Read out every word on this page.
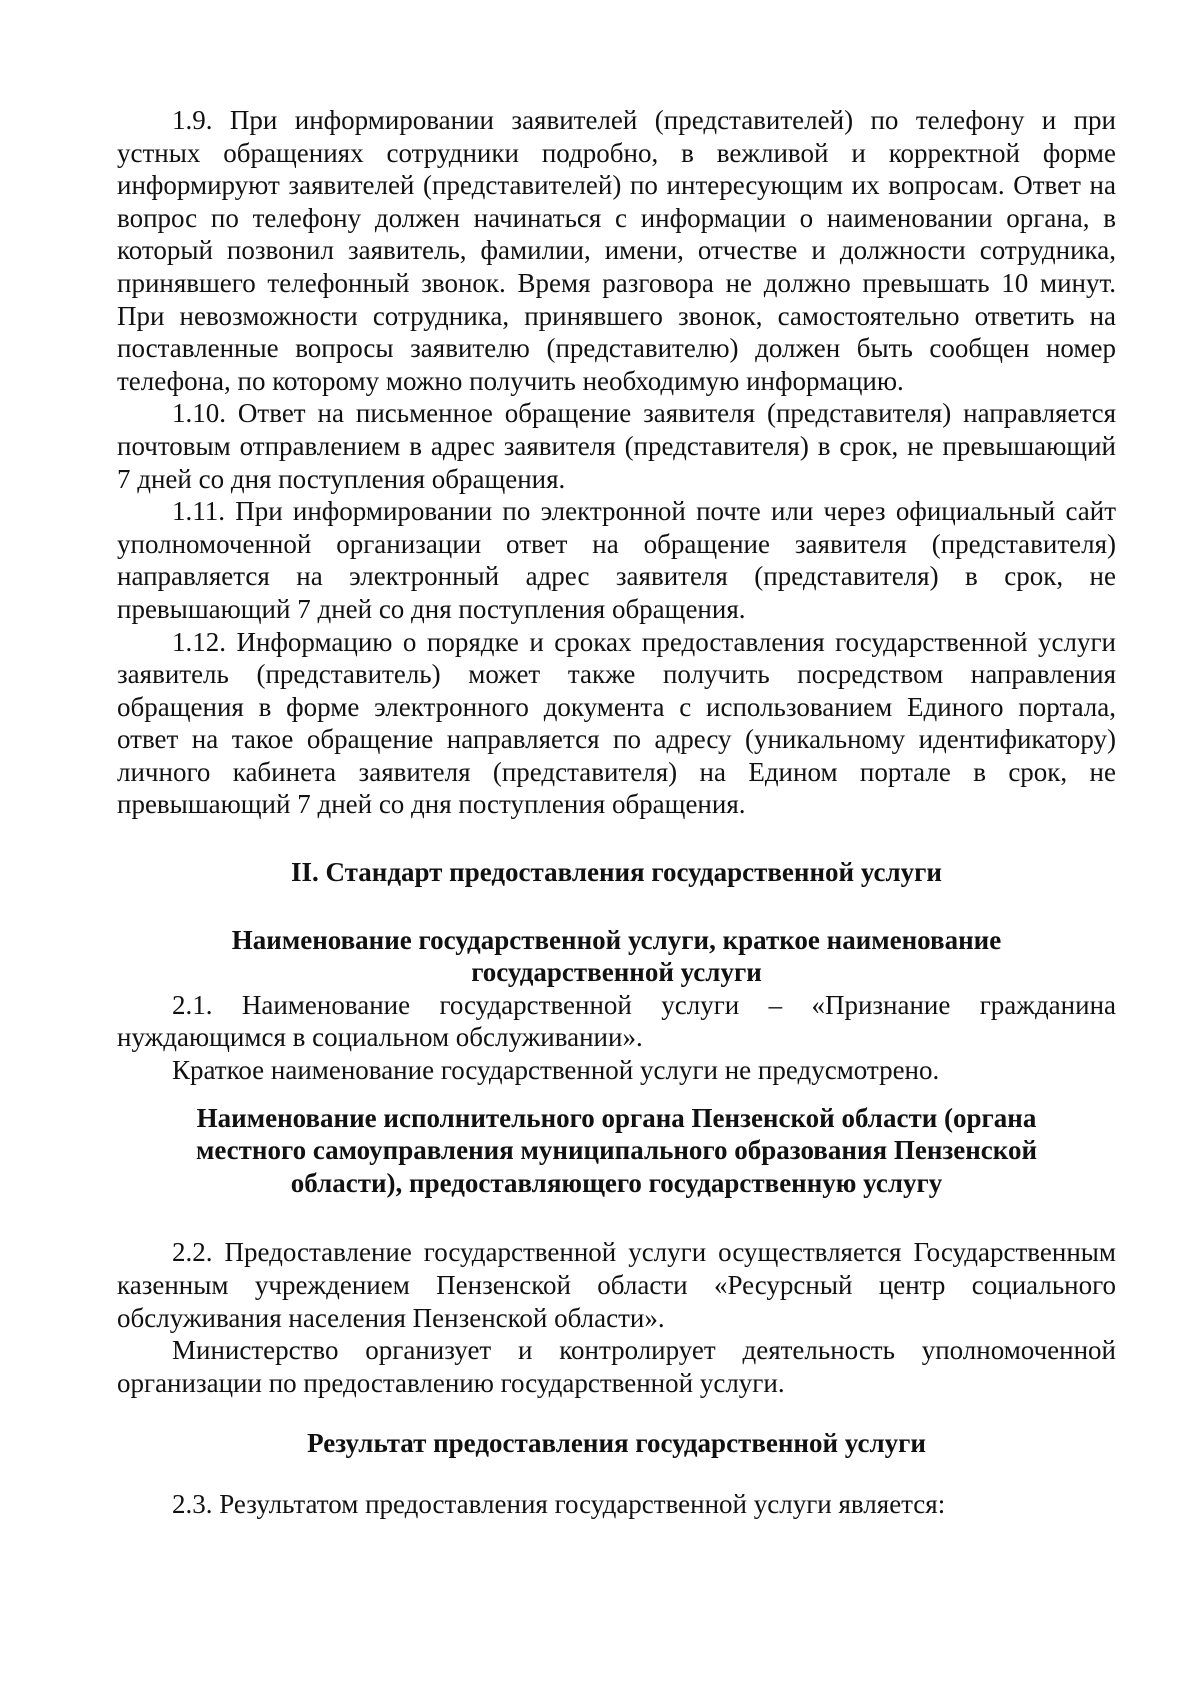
1.9. При информировании заявителей (представителей) по телефону и при устных обращениях сотрудники подробно, в вежливой и корректной форме информируют заявителей (представителей) по интересующим их вопросам. Ответ на вопрос по телефону должен начинаться с информации о наименовании органа, в который позвонил заявитель, фамилии, имени, отчестве и должности сотрудника, принявшего телефонный звонок. Время разговора не должно превышать 10 минут. При невозможности сотрудника, принявшего звонок, самостоятельно ответить на поставленные вопросы заявителю (представителю) должен быть сообщен номер телефона, по которому можно получить необходимую информацию.

1.10. Ответ на письменное обращение заявителя (представителя) направляется почтовым отправлением в адрес заявителя (представителя) в срок, не превышающий 7 дней со дня поступления обращения.

1.11. При информировании по электронной почте или через официальный сайт уполномоченной организации ответ на обращение заявителя (представителя) направляется на электронный адрес заявителя (представителя) в срок, не превышающий 7 дней со дня поступления обращения.

1.12. Информацию о порядке и сроках предоставления государственной услуги заявитель (представитель) может также получить посредством направления обращения в форме электронного документа с использованием Единого портала, ответ на такое обращение направляется по адресу (уникальному идентификатору) личного кабинета заявителя (представителя) на Едином портале в срок, не превышающий 7 дней со дня поступления обращения.

II. Стандарт предоставления государственной услуги

Наименование государственной услуги, краткое наименование государственной услуги

2.1. Наименование государственной услуги – «Признание гражданина нуждающимся в социальном обслуживании».

Краткое наименование государственной услуги не предусмотрено.

Наименование исполнительного органа Пензенской области (органа местного самоуправления муниципального образования Пензенской области), предоставляющего государственную услугу

2.2. Предоставление государственной услуги осуществляется Государственным казенным учреждением Пензенской области «Ресурсный центр социального обслуживания населения Пензенской области».

Министерство организует и контролирует деятельность уполномоченной организации по предоставлению государственной услуги.

Результат предоставления государственной услуги

2.3. Результатом предоставления государственной услуги является:
